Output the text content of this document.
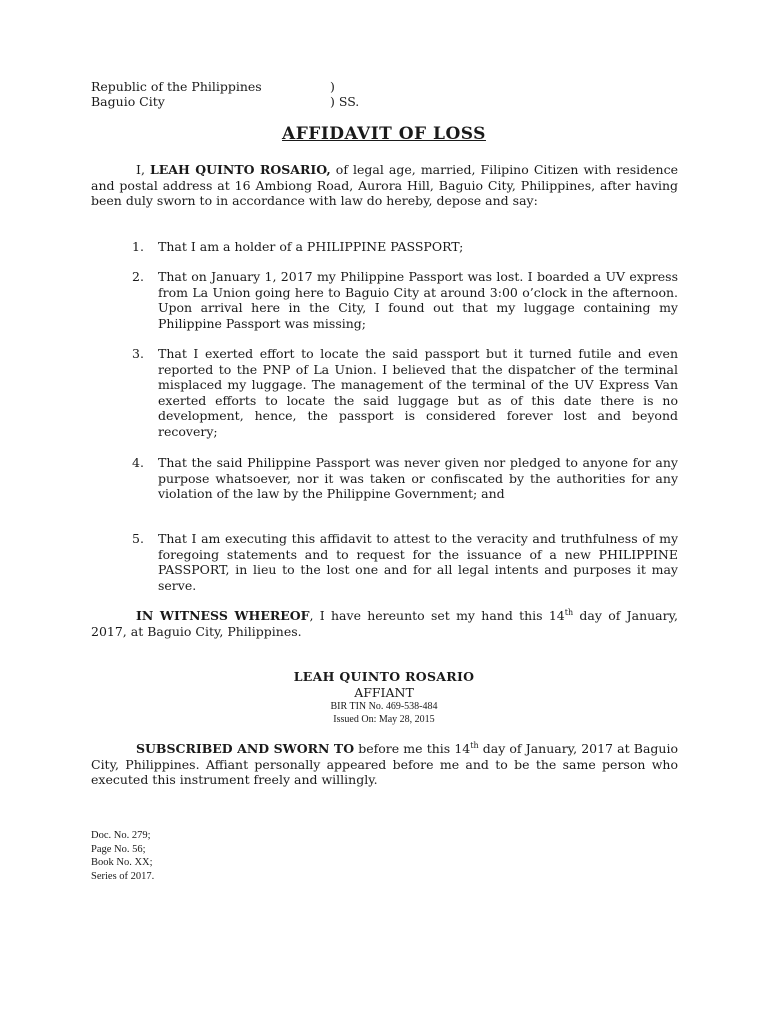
Republic of the Philippines	)
Baguio City	) SS.
AFFIDAVIT OF LOSS
I, LEAH QUINTO ROSARIO, of legal age, married, Filipino Citizen with residence and postal address at 16 Ambiong Road, Aurora Hill, Baguio City, Philippines, after having been duly sworn to in accordance with law do hereby, depose and say:
1. That I am a holder of a PHILIPPINE PASSPORT;
2. That on January 1, 2017 my Philippine Passport was lost. I boarded a UV express from La Union going here to Baguio City at around 3:00 o’clock in the afternoon. Upon arrival here in the City, I found out that my luggage containing my Philippine Passport was missing;
3. That I exerted effort to locate the said passport but it turned futile and even reported to the PNP of La Union. I believed that the dispatcher of the terminal misplaced my luggage. The management of the terminal of the UV Express Van exerted efforts to locate the said luggage but as of this date there is no development, hence, the passport is considered forever lost and beyond recovery;
4. That the said Philippine Passport was never given nor pledged to anyone for any purpose whatsoever, nor it was taken or confiscated by the authorities for any violation of the law by the Philippine Government; and
5. That I am executing this affidavit to attest to the veracity and truthfulness of my foregoing statements and to request for the issuance of a new PHILIPPINE PASSPORT, in lieu to the lost one and for all legal intents and purposes it may serve.
IN WITNESS WHEREOF, I have hereunto set my hand this 14th day of January, 2017, at Baguio City, Philippines.
LEAH QUINTO ROSARIO
AFFIANT
BIR TIN No. 469-538-484
Issued On: May 28, 2015
SUBSCRIBED AND SWORN TO before me this 14th day of January, 2017 at Baguio City, Philippines. Affiant personally appeared before me and to be the same person who executed this instrument freely and willingly.
Doc. No. 279;
Page No. 56;
Book No. XX;
Series of 2017.
